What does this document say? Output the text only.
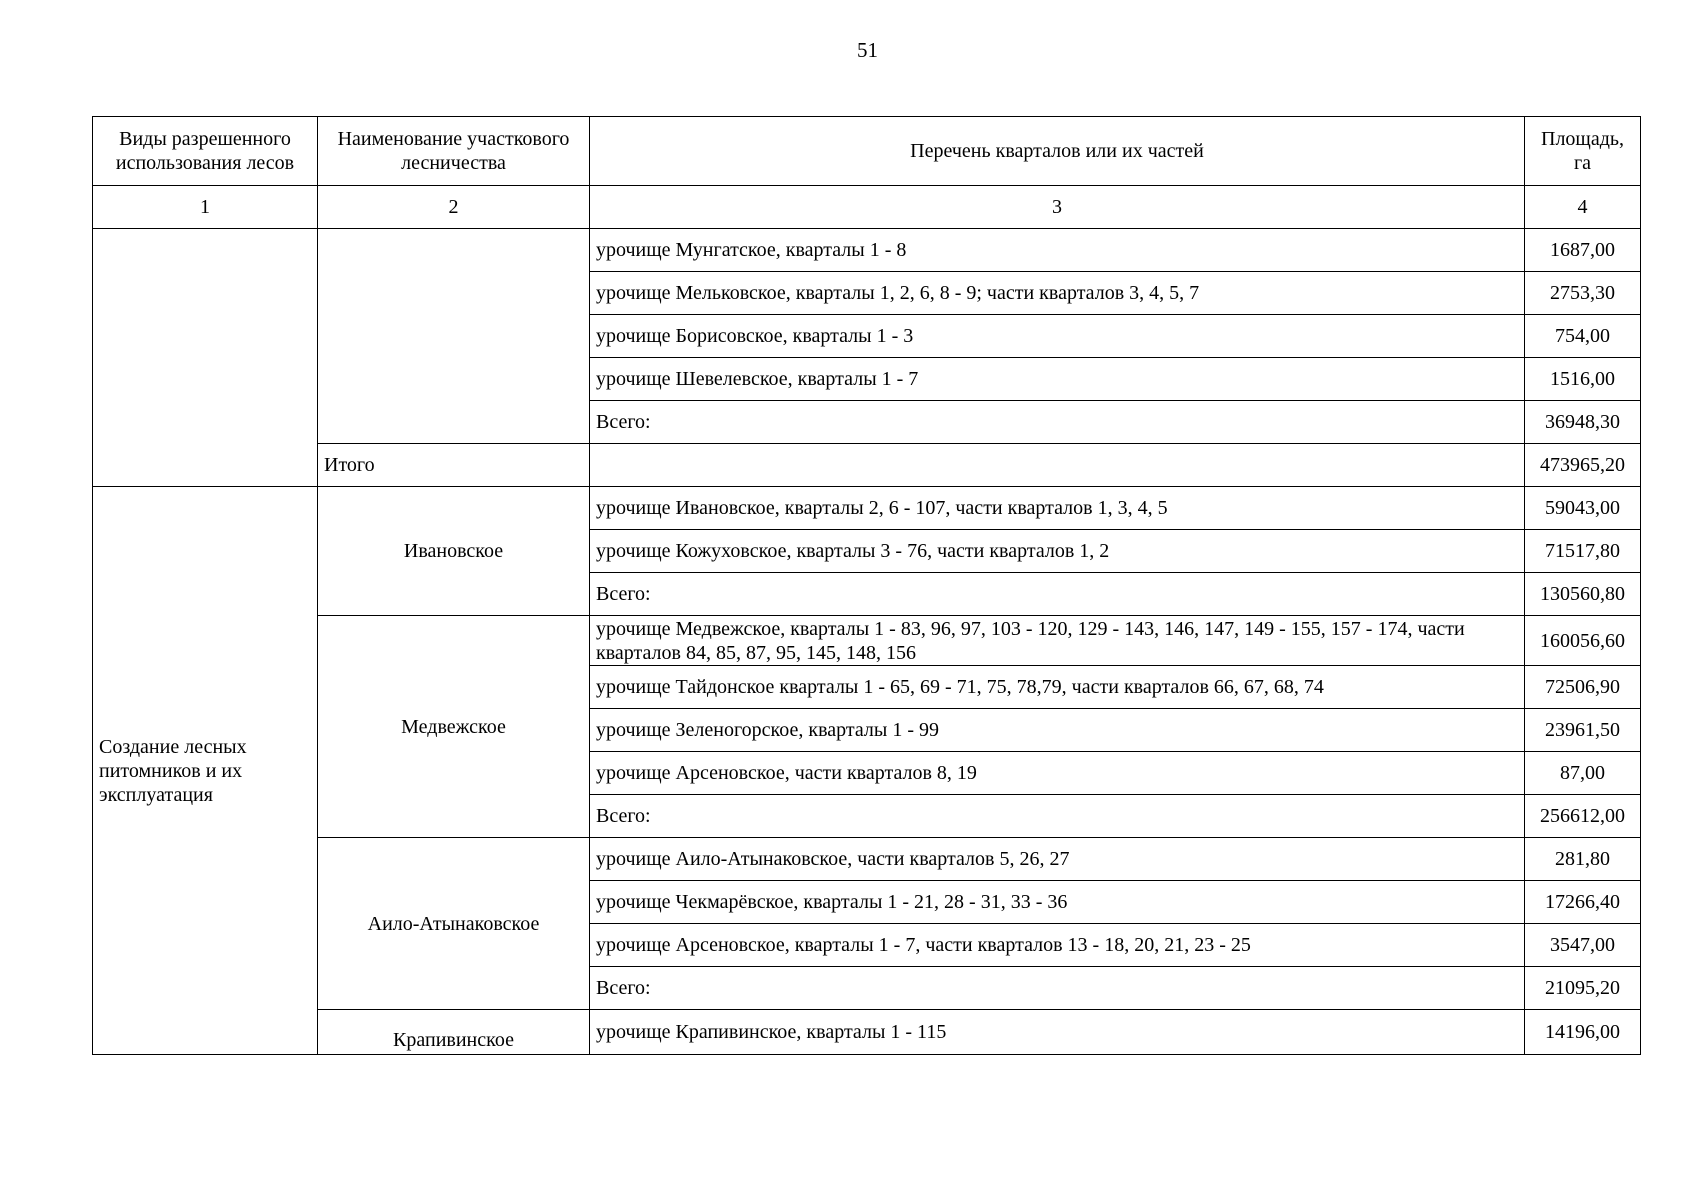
51
Виды разрешенного использования лесов	Наименование участкового лесничества	Перечень кварталов или их частей	Площадь, га
1	2	3	4
		урочище Мунгатское, кварталы 1 - 8	1687,00
		урочище Мельковское, кварталы 1, 2, 6, 8 - 9; части кварталов 3, 4, 5, 7	2753,30
		урочище Борисовское, кварталы 1 - 3	754,00
		урочище Шевелевское, кварталы 1 - 7	1516,00
		Всего:	36948,30
	Итого		473965,20
Создание лесных питомников и их эксплуатация	Ивановское	урочище Ивановское, кварталы 2, 6 - 107, части кварталов 1, 3, 4, 5	59043,00
		урочище Кожуховское, кварталы 3 - 76, части кварталов 1, 2	71517,80
		Всего:	130560,80
	Медвежское	урочище Медвежское, кварталы 1 - 83, 96, 97, 103 - 120, 129 - 143, 146, 147, 149 - 155, 157 - 174, части кварталов 84, 85, 87, 95, 145, 148, 156	160056,60
		урочище Тайдонское кварталы 1 - 65, 69 - 71, 75, 78,79, части кварталов 66, 67, 68, 74	72506,90
		урочище Зеленогорское, кварталы 1 - 99	23961,50
		урочище Арсеновское, части кварталов 8, 19	87,00
		Всего:	256612,00
	Аило-Атынаковское	урочище Аило-Атынаковское, части кварталов 5, 26, 27	281,80
		урочище Чекмарёвское, кварталы 1 - 21, 28 - 31, 33 - 36	17266,40
		урочище Арсеновское, кварталы 1 - 7, части кварталов 13 - 18, 20, 21, 23 - 25	3547,00
		Всего:	21095,20
	Крапивинское	урочище Крапивинское, кварталы 1 - 115	14196,00
